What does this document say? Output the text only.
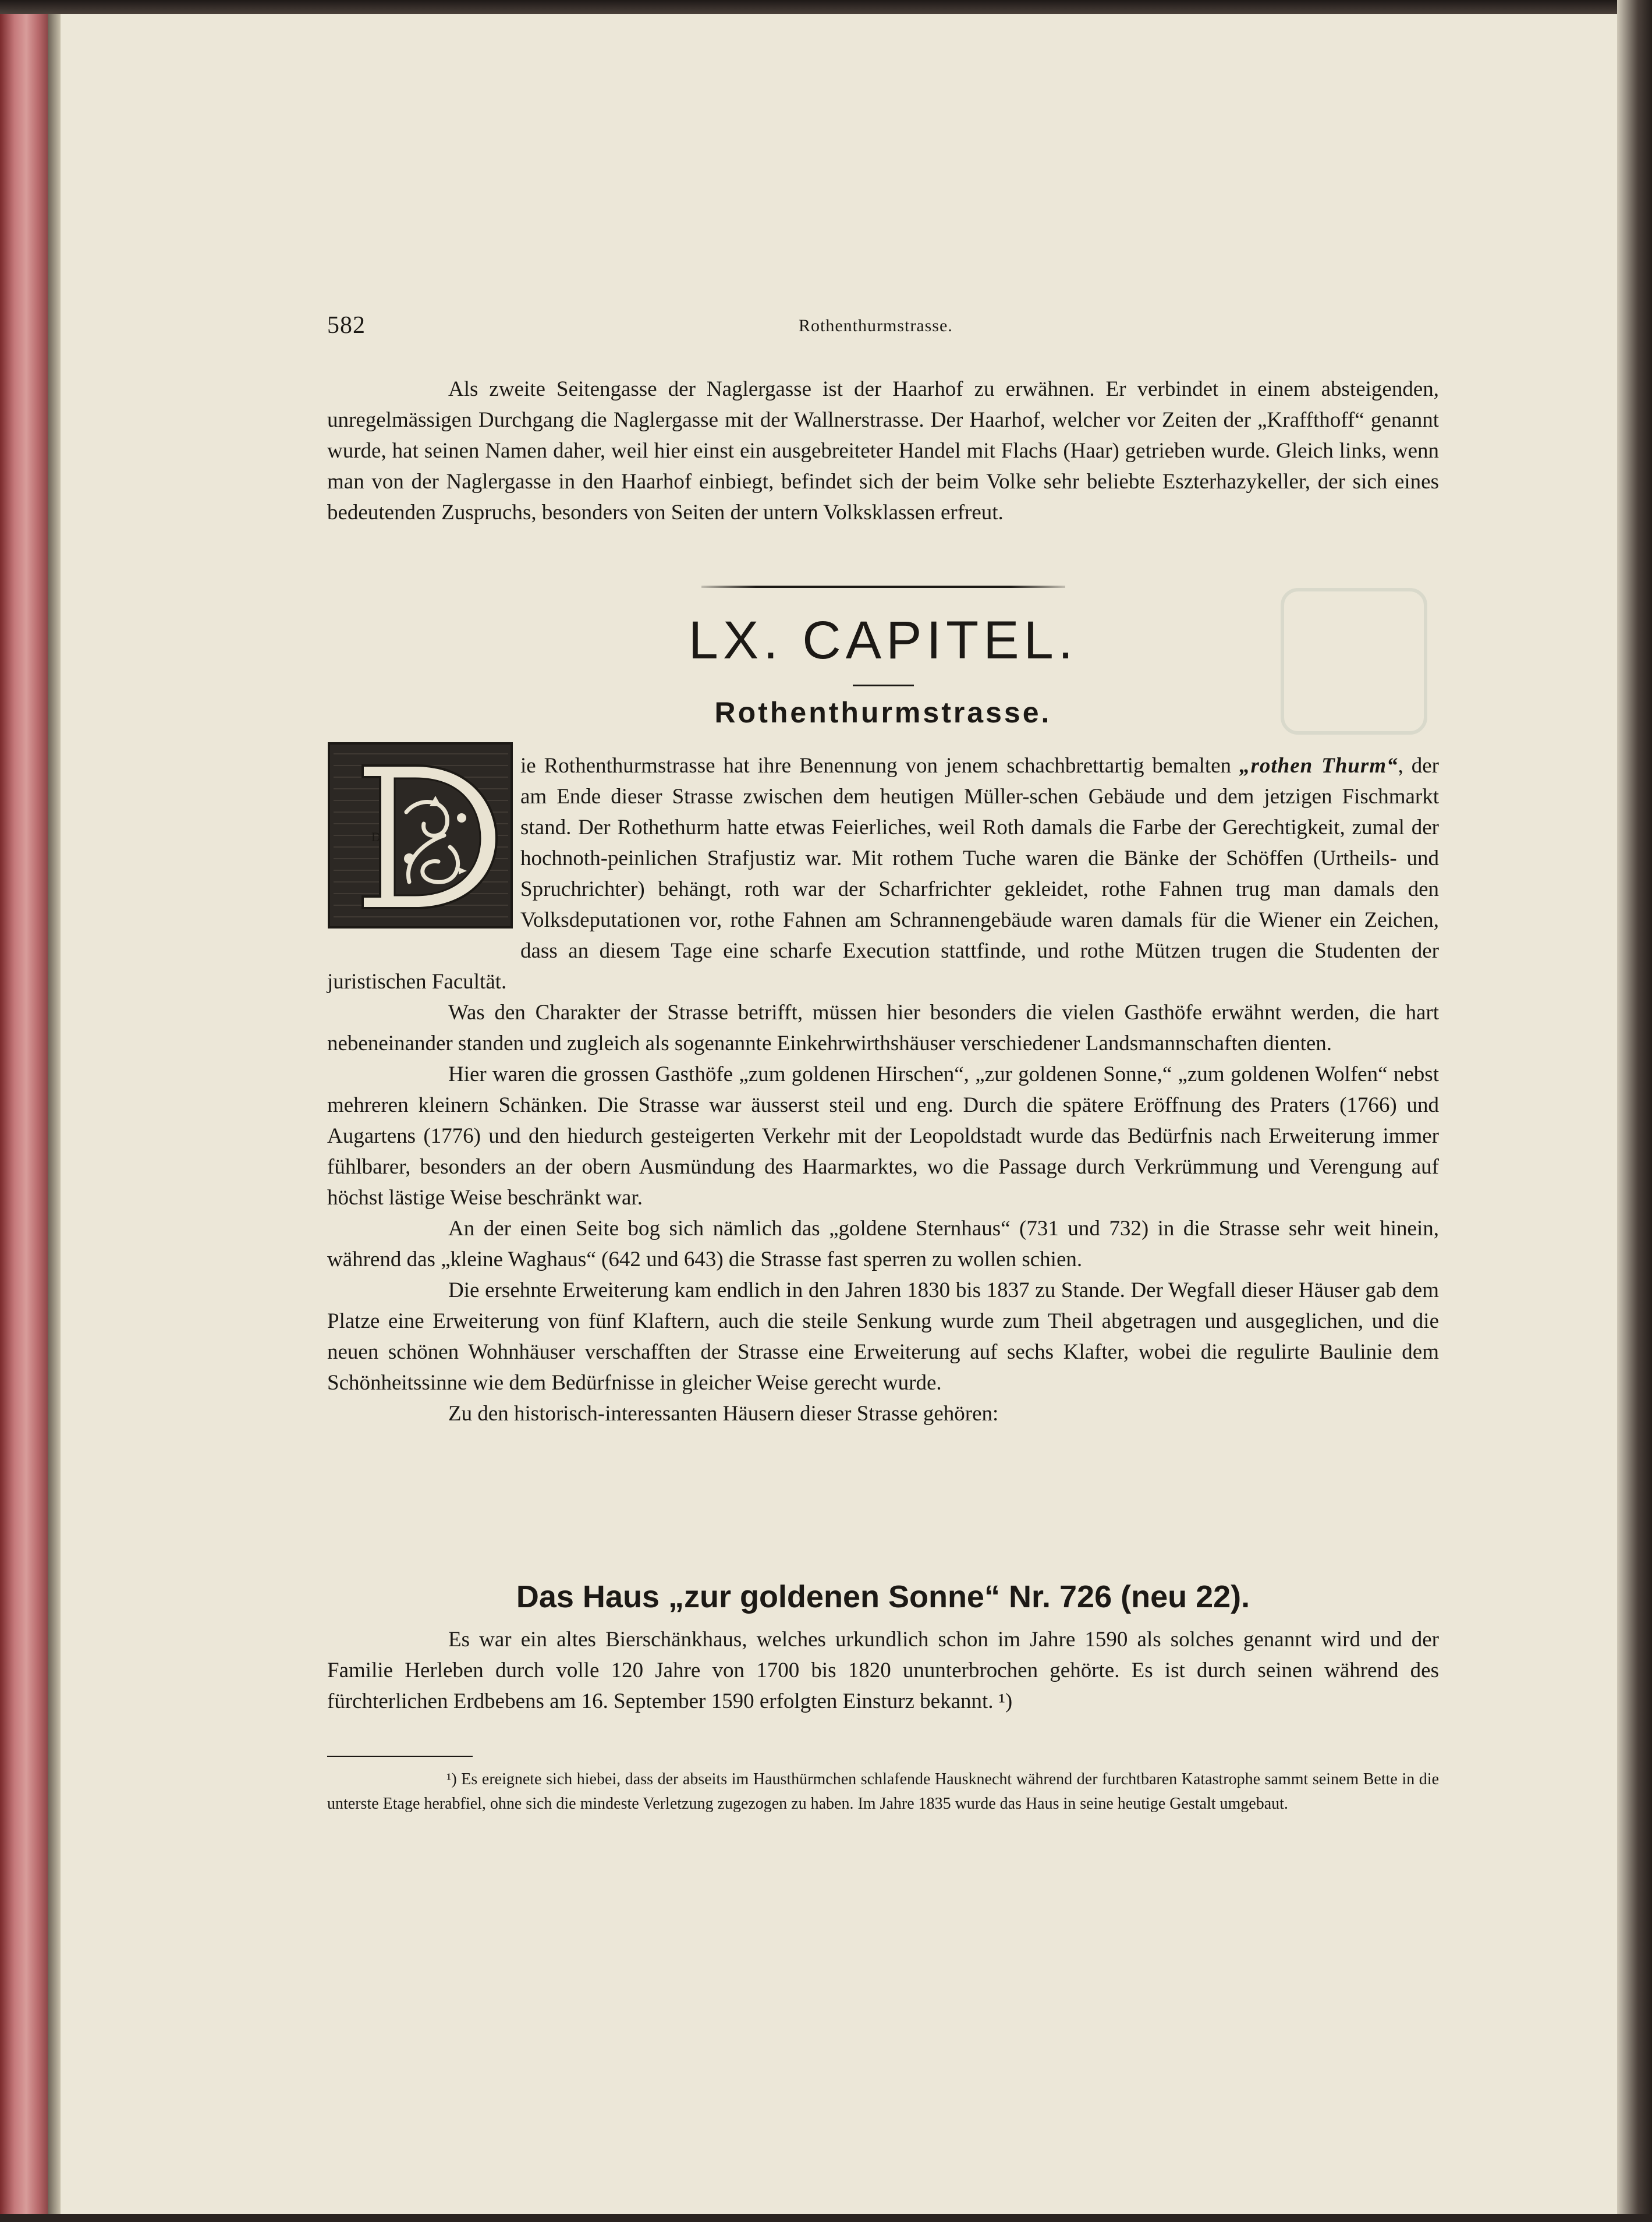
582	Rothenthurmstrasse.

Als zweite Seitengasse der Naglergasse ist der Haarhof zu erwähnen. Er verbindet in einem absteigenden, unregelmässigen Durchgang die Naglergasse mit der Wallnerstrasse. Der Haarhof, welcher vor Zeiten der „Kraffthoff“ genannt wurde, hat seinen Namen daher, weil hier einst ein ausgebreiteter Handel mit Flachs (Haar) getrieben wurde. Gleich links, wenn man von der Naglergasse in den Haarhof einbiegt, befindet sich der beim Volke sehr beliebte Eszterhazykeller, der sich eines bedeutenden Zuspruchs, besonders von Seiten der untern Volksklassen erfreut.

LX. CAPITEL.
Rothenthurmstrasse.

ie Rothenthurmstrasse hat ihre Benennung von jenem schachbrettartig bemalten „rothen Thurm“, der am Ende dieser Strasse zwischen dem heutigen Müller-schen Gebäude und dem jetzigen Fischmarkt stand. Der Rothethurm hatte etwas Feierliches, weil Roth damals die Farbe der Gerechtigkeit, zumal der hochnoth-peinlichen Strafjustiz war. Mit rothem Tuche waren die Bänke der Schöffen (Urtheils- und Spruchrichter) behängt, roth war der Scharfrichter gekleidet, rothe Fahnen trug man damals den Volksdeputationen vor, rothe Fahnen am Schrannengebäude waren damals für die Wiener ein Zeichen, dass an diesem Tage eine scharfe Execution stattfinde, und rothe Mützen trugen die Studenten der juristischen Facultät.

Was den Charakter der Strasse betrifft, müssen hier besonders die vielen Gasthöfe erwähnt werden, die hart nebeneinander standen und zugleich als sogenannte Einkehrwirthshäuser verschiedener Landsmannschaften dienten.

Hier waren die grossen Gasthöfe „zum goldenen Hirschen“, „zur goldenen Sonne,“ „zum goldenen Wolfen“ nebst mehreren kleinern Schänken. Die Strasse war äusserst steil und eng. Durch die spätere Eröffnung des Praters (1766) und Augartens (1776) und den hiedurch gesteigerten Verkehr mit der Leopoldstadt wurde das Bedürfnis nach Erweiterung immer fühlbarer, besonders an der obern Ausmündung des Haarmarktes, wo die Passage durch Verkrümmung und Verengung auf höchst lästige Weise beschränkt war.

An der einen Seite bog sich nämlich das „goldene Sternhaus“ (731 und 732) in die Strasse sehr weit hinein, während das „kleine Waghaus“ (642 und 643) die Strasse fast sperren zu wollen schien.

Die ersehnte Erweiterung kam endlich in den Jahren 1830 bis 1837 zu Stande. Der Wegfall dieser Häuser gab dem Platze eine Erweiterung von fünf Klaftern, auch die steile Senkung wurde zum Theil abgetragen und ausgeglichen, und die neuen schönen Wohnhäuser verschafften der Strasse eine Erweiterung auf sechs Klafter, wobei die regulirte Baulinie dem Schönheitssinne wie dem Bedürfnisse in gleicher Weise gerecht wurde.

Zu den historisch-interessanten Häusern dieser Strasse gehören:

D
Das Haus „zur goldenen Sonne“ Nr. 726 (neu 22).

Es war ein altes Bierschänkhaus, welches urkundlich schon im Jahre 1590 als solches genannt wird und der Familie Herleben durch volle 120 Jahre von 1700 bis 1820 ununterbrochen gehörte. Es ist durch seinen während des fürchterlichen Erdbebens am 16. September 1590 erfolgten Einsturz bekannt. ¹)

¹) Es ereignete sich hiebei, dass der abseits im Hausthürmchen schlafende Hausknecht während der furchtbaren Katastrophe sammt seinem Bette in die unterste Etage herabfiel, ohne sich die mindeste Verletzung zugezogen zu haben. Im Jahre 1835 wurde das Haus in seine heutige Gestalt umgebaut.
